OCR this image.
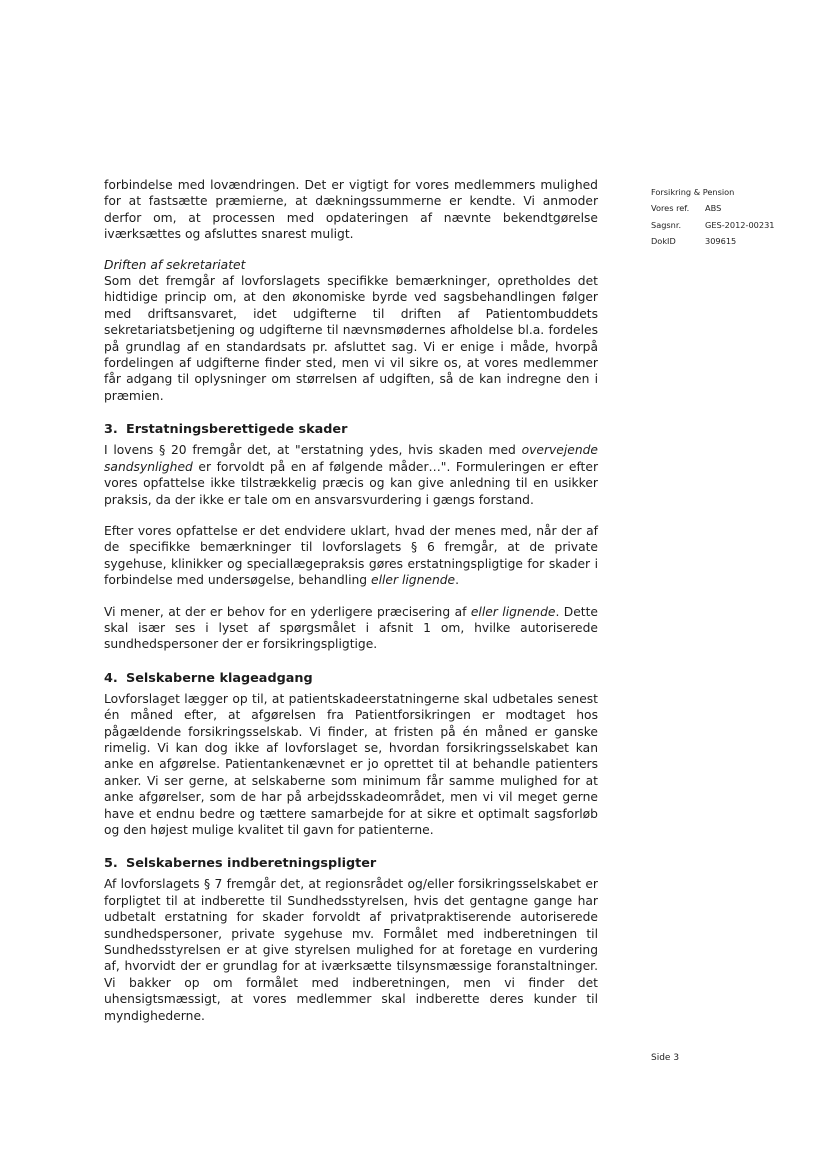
Forsikring & Pension
Vores ref.	ABS
Sagsnr.	GES-2012-00231
DokID	309615

forbindelse med lovændringen. Det er vigtigt for vores medlemmers mulighed for at fastsætte præmierne, at dækningssummerne er kendte. Vi anmoder derfor om, at processen med opdateringen af nævnte bekendtgørelse iværksættes og afsluttes snarest muligt.

Driften af sekretariatet

Som det fremgår af lovforslagets specifikke bemærkninger, opretholdes det hidtidige princip om, at den økonomiske byrde ved sagsbehandlingen følger med driftsansvaret, idet udgifterne til driften af Patientombuddets sekretariatsbetjening og udgifterne til nævnsmødernes afholdelse bl.a. fordeles på grundlag af en standardsats pr. afsluttet sag. Vi er enige i måde, hvorpå fordelingen af udgifterne finder sted, men vi vil sikre os, at vores medlemmer får adgang til oplysninger om størrelsen af udgiften, så de kan indregne den i præmien.

3. Erstatningsberettigede skader

I lovens § 20 fremgår det, at "erstatning ydes, hvis skaden med overvejende sandsynlighed er forvoldt på en af følgende måder…". Formuleringen er efter vores opfattelse ikke tilstrækkelig præcis og kan give anledning til en usikker praksis, da der ikke er tale om en ansvarsvurdering i gængs forstand.

Efter vores opfattelse er det endvidere uklart, hvad der menes med, når der af de specifikke bemærkninger til lovforslagets § 6 fremgår, at de private sygehuse, klinikker og speciallægepraksis gøres erstatningspligtige for skader i forbindelse med undersøgelse, behandling eller lignende.

Vi mener, at der er behov for en yderligere præcisering af eller lignende. Dette skal især ses i lyset af spørgsmålet i afsnit 1 om, hvilke autoriserede sundhedspersoner der er forsikringspligtige.

4. Selskaberne klageadgang

Lovforslaget lægger op til, at patientskadeerstatningerne skal udbetales senest én måned efter, at afgørelsen fra Patientforsikringen er modtaget hos pågældende forsikringsselskab. Vi finder, at fristen på én måned er ganske rimelig. Vi kan dog ikke af lovforslaget se, hvordan forsikringsselskabet kan anke en afgørelse. Patientankenævnet er jo oprettet til at behandle patienters anker. Vi ser gerne, at selskaberne som minimum får samme mulighed for at anke afgørelser, som de har på arbejdsskadeområdet, men vi vil meget gerne have et endnu bedre og tættere samarbejde for at sikre et optimalt sagsforløb og den højest mulige kvalitet til gavn for patienterne.

5. Selskabernes indberetningspligter

Af lovforslagets § 7 fremgår det, at regionsrådet og/eller forsikringsselskabet er forpligtet til at indberette til Sundhedsstyrelsen, hvis det gentagne gange har udbetalt erstatning for skader forvoldt af privatpraktiserende autoriserede sundhedspersoner, private sygehuse mv. Formålet med indberetningen til Sundhedsstyrelsen er at give styrelsen mulighed for at foretage en vurdering af, hvorvidt der er grundlag for at iværksætte tilsynsmæssige foranstaltninger. Vi bakker op om formålet med indberetningen, men vi finder det uhensigtsmæssigt, at vores medlemmer skal indberette deres kunder til myndighederne.

Side 3
